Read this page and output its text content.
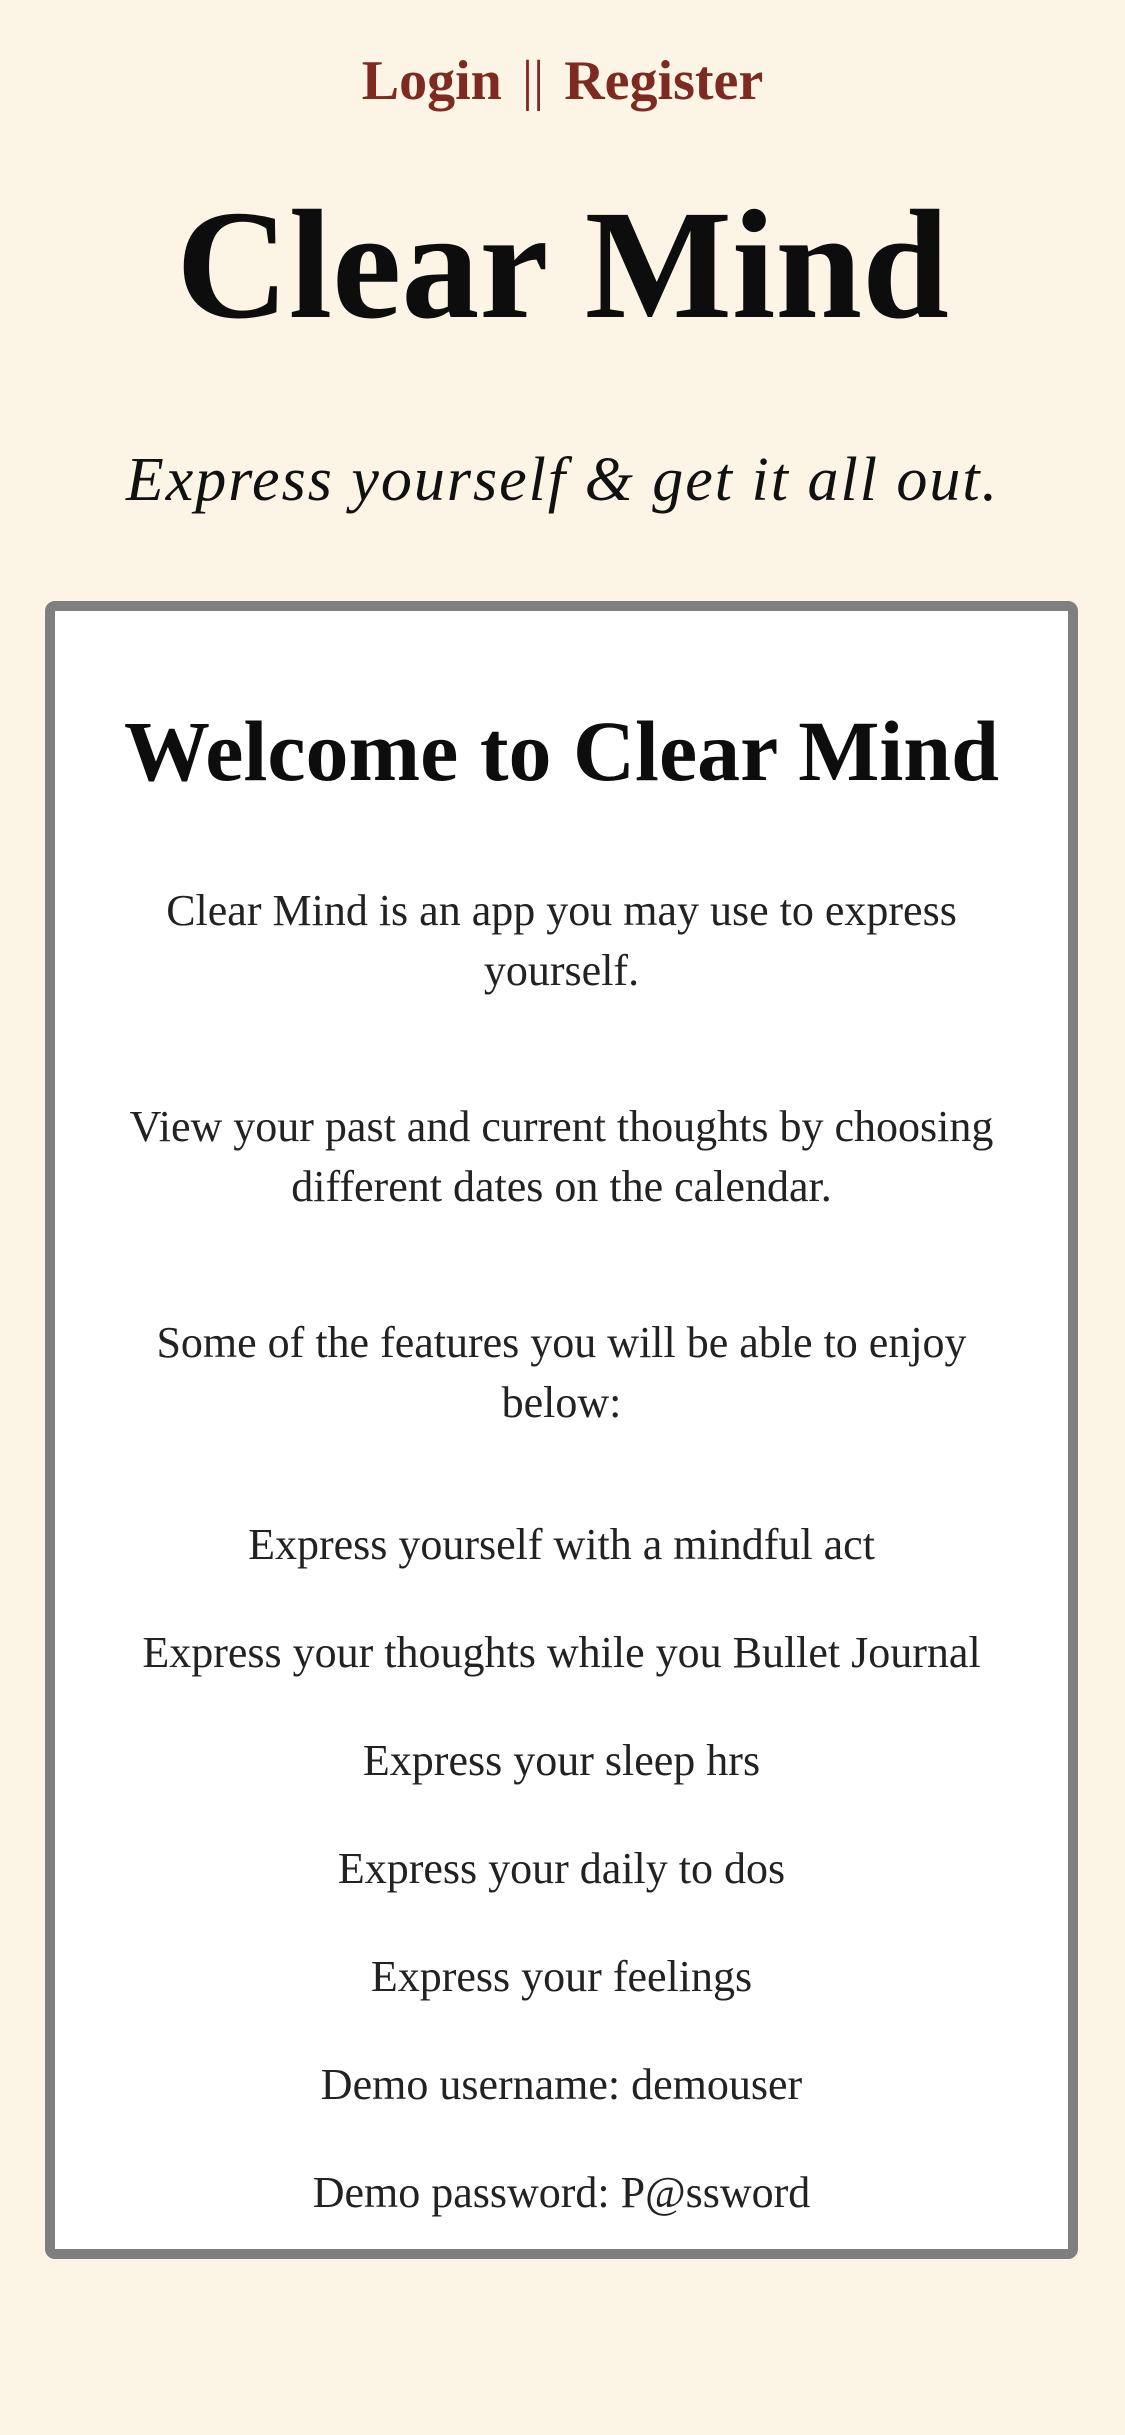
Login || Register
Clear Mind
Express yourself & get it all out.
Welcome to Clear Mind

Clear Mind is an app you may use to express yourself.

View your past and current thoughts by choosing different dates on the calendar.

Some of the features you will be able to enjoy below:

Express yourself with a mindful act
Express your thoughts while you Bullet Journal
Express your sleep hrs
Express your daily to dos
Express your feelings
Demo username: demouser
Demo password: P@ssword
